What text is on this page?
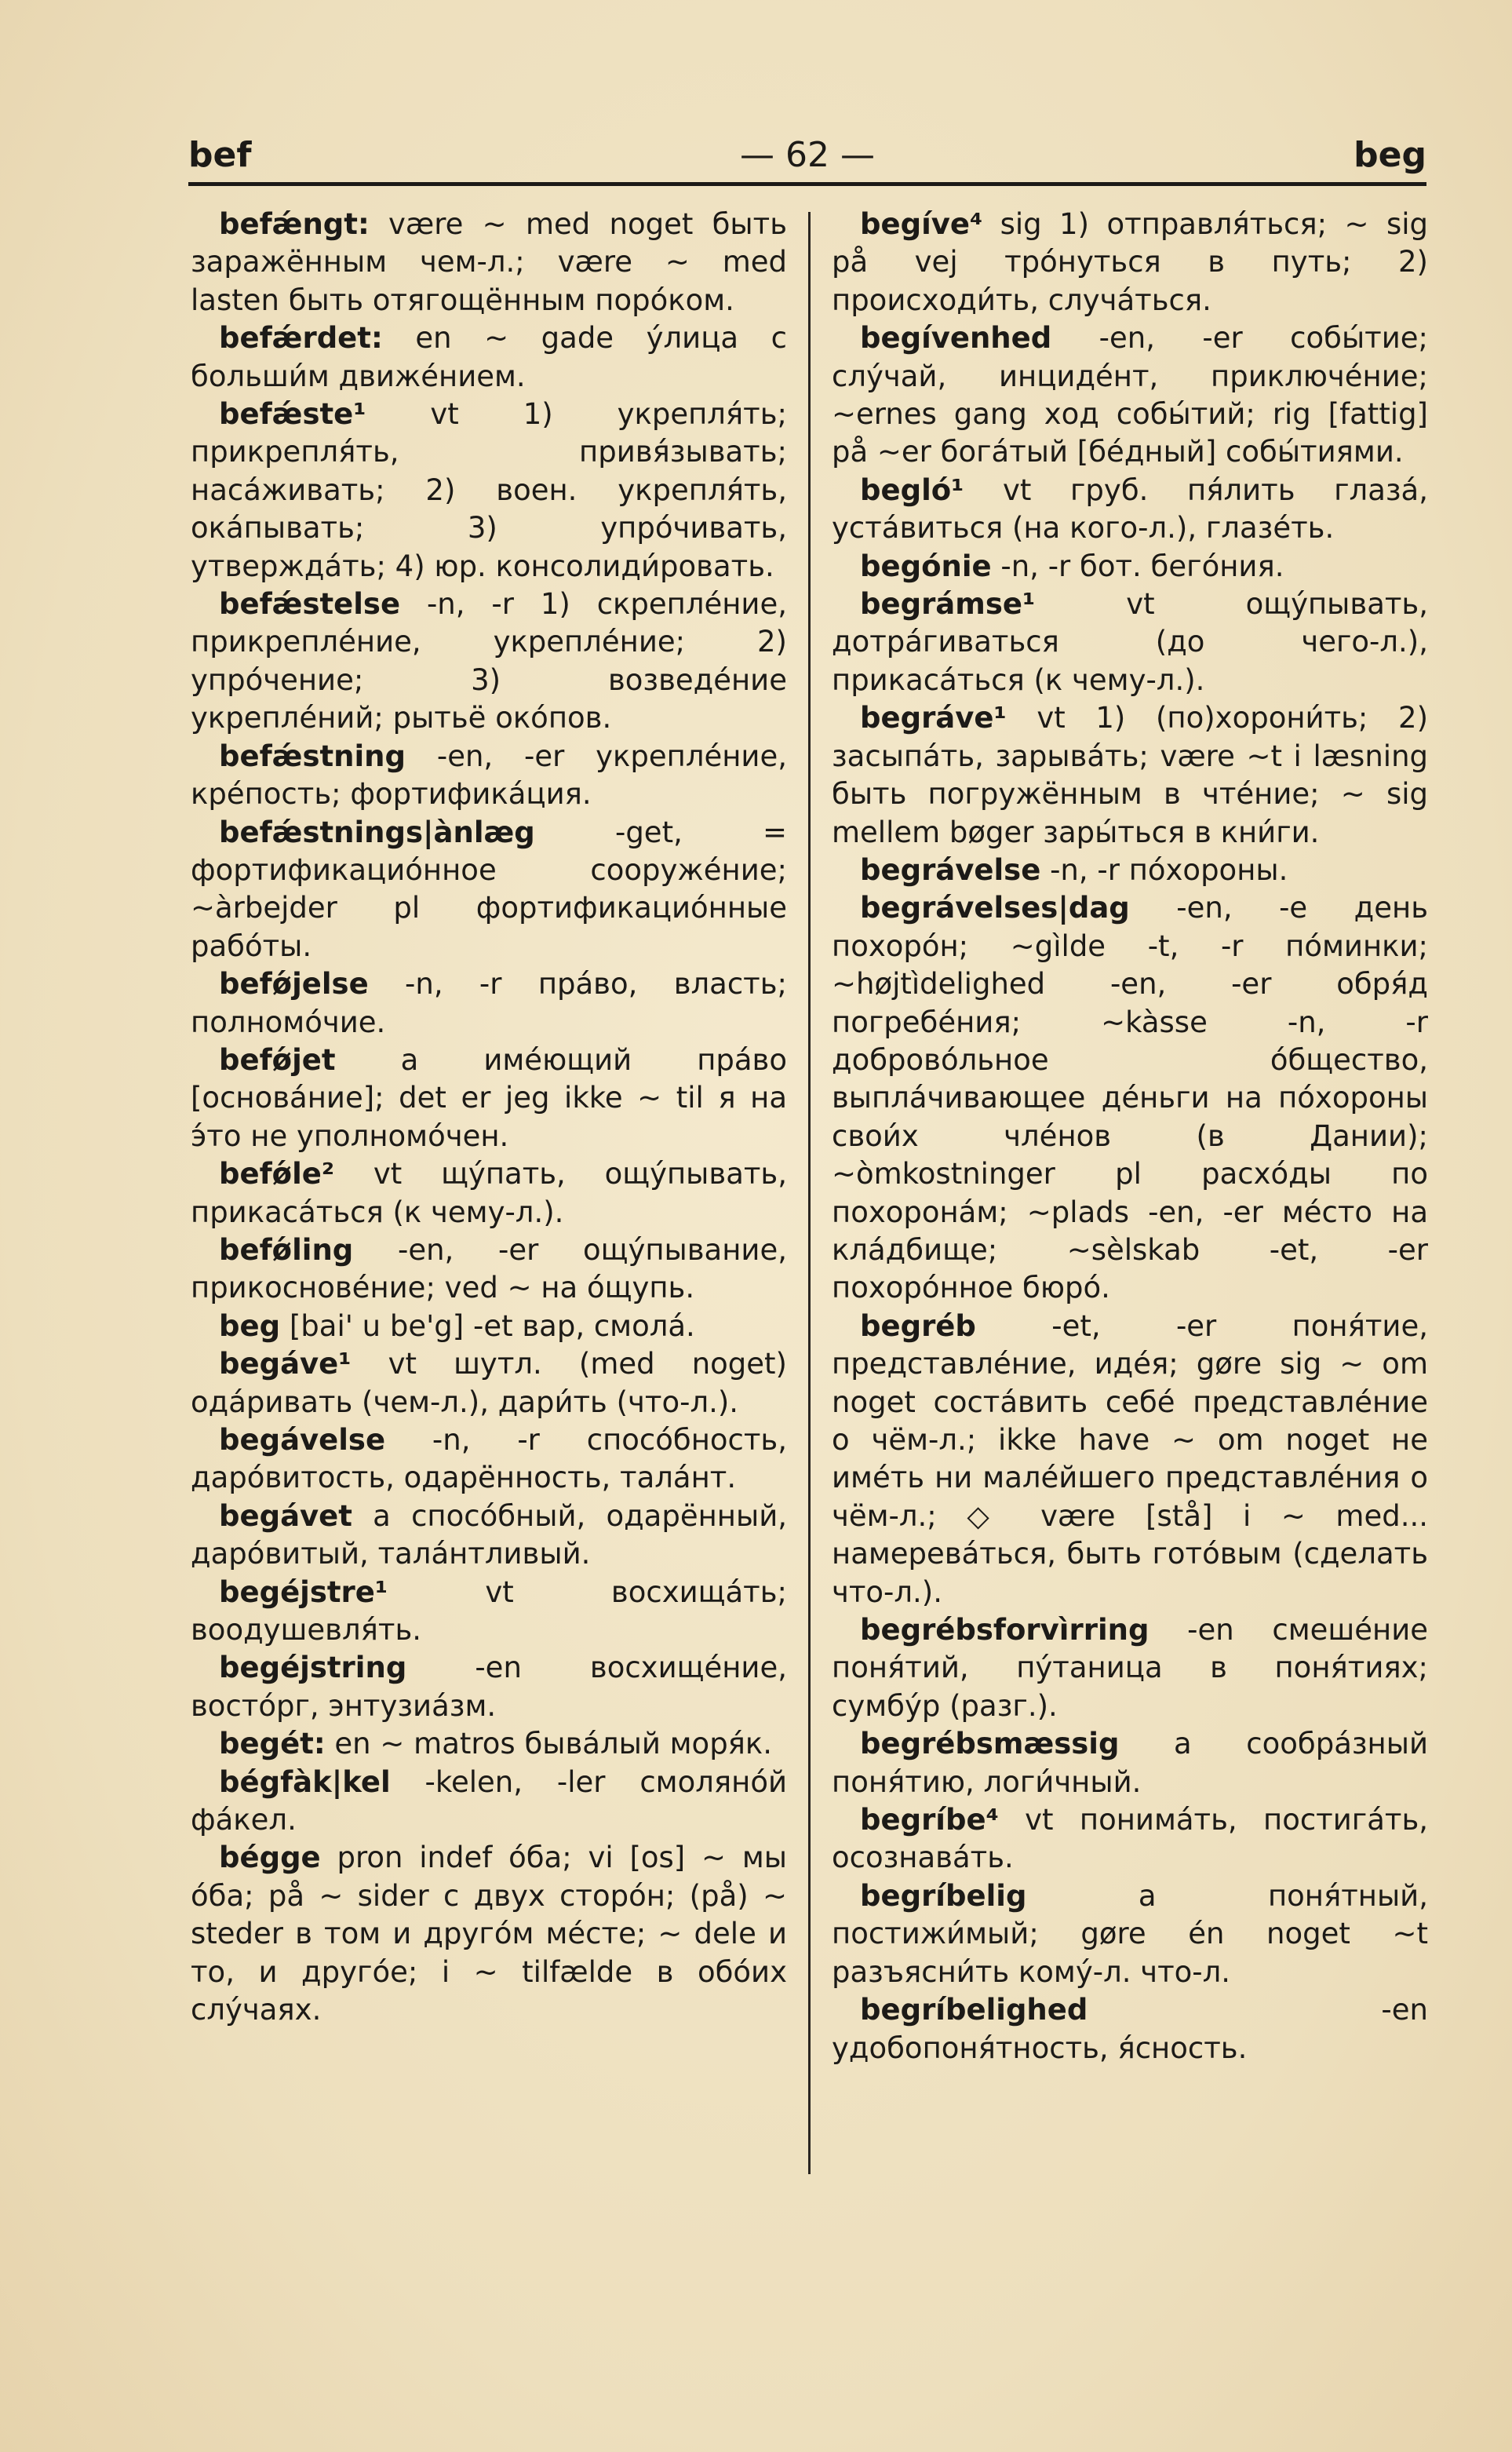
— 62 —
bef	beg

befǽngt: være ~ med noget быть заражённым чем-л.; være ~ med lasten быть отягощённым поро́ком.

befǽrdet: en ~ gade у́лица с больши́м движе́нием.

befǽste¹ vt 1) укрепля́ть; прикрепля́ть, привя́зывать; наса́живать; 2) воен. укрепля́ть, ока́пывать; 3) упро́чивать, утвержда́ть; 4) юр. консолиди́ровать.

befǽstelse -n, -r 1) скрепле́ние, прикрепле́ние, укрепле́ние; 2) упро́чение; 3) возведе́ние укрепле́ний; рытьё око́пов.

befǽstning -en, -er укрепле́ние, кре́пость; фортифика́ция.

befǽstnings|ànlæg	-get, = фортификацио́нное сооруже́ние; ~àrbejder pl фортификацио́нные рабо́ты.

befǿjelse -n, -r пра́во, власть; полномо́чие.

befǿjet a име́ющий пра́во [основа́ние]; det er jeg ikke ~ til я на э́то не уполномо́чен.

befǿle² vt щу́пать, ощу́пывать, прикаса́ться (к чему-л.).

befǿling -en, -er ощу́пывание, прикоснове́ние; ved ~ на о́щупь.

beg [bai' u be'g] -et вар, смола́.

begáve¹ vt шутл. (med noget) ода́ривать (чем-л.), дари́ть (что-л.).

begávelse -n, -r спосо́бность, даро́витость, одарённость, тала́нт.

begávet a спосо́бный, одарённый, даро́витый, тала́нтливый.

begéjstre¹	vt восхища́ть; воодушевля́ть.

begéjstring -en восхище́ние, восто́рг, энтузиа́зм.

begét: en ~ matros быва́лый моря́к.

bégfàk|kel -kelen, -ler смоляно́й фа́кел.

bégge pron indef о́ба; vi [os] ~ мы о́ба; på ~ sider с двух сторо́н; (på) ~ steder в том и друго́м ме́сте; ~ dele и то, и друго́е; i ~ tilfælde в обо́их слу́чаях.

begíve⁴ sig 1) отправля́ться; ~ sig på vej тро́нуться в путь; 2) происходи́ть, случа́ться.

begívenhed -en, -er собы́тие; слу́чай, инциде́нт, приключе́ние; ~ernes gang ход собы́тий; rig [fattig] på ~er бога́тый [бе́дный] собы́тиями.

begló¹ vt груб. пя́лить глаза́, уста́виться (на кого-л.), глазе́ть.

begónie -n, -r бот. бего́ния.

begrámse¹	vt ощу́пывать, дотра́гиваться (до чего-л.), прикаса́ться (к чему-л.).

begráve¹ vt 1) (по)хорони́ть; 2) засыпа́ть, зарыва́ть; være ~t i læsning быть погружённым в чте́ние; ~ sig mellem bøger зары́ться в кни́ги.

begrávelse -n, -r по́хороны.

begrávelses|dag -en, -e день похоро́н; ~gìlde -t, -r по́минки; ~højtìdelighed -en, -er обря́д погребе́ния; ~kàsse -n, -r доброво́льное о́бщество, выпла́чивающее де́ньги на по́хороны свои́х чле́нов (в Дании); ~òmkostninger pl расхо́ды по похорона́м; ~plads -en, -er ме́сто на кла́дбище; ~sèlskab -et, -er похоро́нное бюро́.

begréb	-et, -er поня́тие, представле́ние, иде́я; gøre sig ~ om noget соста́вить себе́ представле́ние о чём-л.; ikke have ~ om noget не име́ть ни мале́йшего представле́ния о чём-л.; ◇ være [stå] i ~ med... намерева́ться, быть гото́вым (сделать что-л.).

begrébsforvìrring -en смеше́ние поня́тий, пу́таница в поня́тиях; сумбу́р (разг.).

begrébsmæssig a сообра́зный поня́тию, логи́чный.

begríbe⁴ vt понима́ть, постига́ть, осознава́ть.

begríbelig	a поня́тный, постижи́мый; gøre én noget ~t разъясни́ть кому́-л. что-л.

begríbelighed	-en удобопоня́тность, я́сность.
